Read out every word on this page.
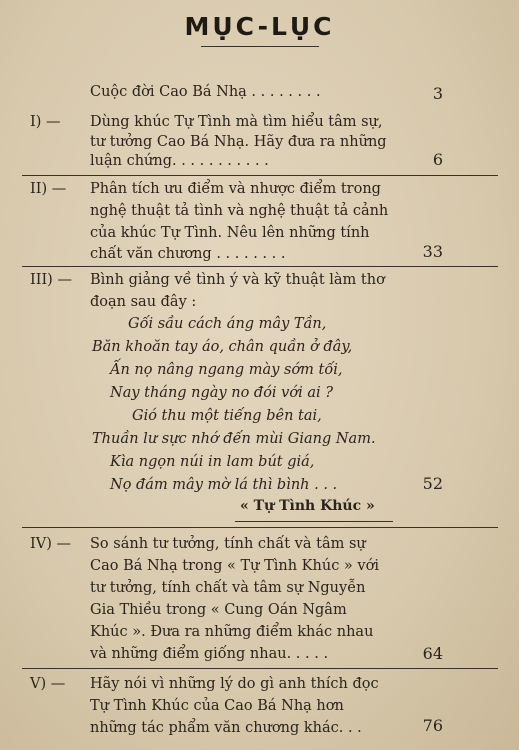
MỤC-LỤC
Cuộc đời Cao Bá Nhạ . . . . . . . .	3
I) — Dùng khúc Tự Tình mà tìm hiểu tâm sự,
tư tưởng Cao Bá Nhạ. Hãy đưa ra những
luận chứng. . . . . . . . . . .	6
II) — Phân tích ưu điểm và nhược điểm trong
nghệ thuật tả tình và nghệ thuật tả cảnh
của khúc Tự Tình. Nêu lên những tính
chất văn chương . . . . . . . .	33
III) — Bình giảng về tình ý và kỹ thuật làm thơ
đoạn sau đây :
Gối sầu cách áng mây Tần,
Băn khoăn tay áo, chân quần ở đây,
Ấn nọ nâng ngang mày sớm tối,
Nay tháng ngày no đói với ai ?
Gió thu một tiếng bên tai,
Thuần lư sực nhớ đến mùi Giang Nam.
Kìa ngọn núi in lam bút giá,
Nọ đám mây mờ lá thì bình . . .	52
« Tự Tình Khúc »
IV) — So sánh tư tưởng, tính chất và tâm sự
Cao Bá Nhạ trong « Tự Tình Khúc » với
tư tưởng, tính chất và tâm sự Nguyễn
Gia Thiều trong « Cung Oán Ngâm
Khúc ». Đưa ra những điểm khác nhau
và những điểm giống nhau. . . . .	64
V) — Hãy nói vì những lý do gì anh thích đọc
Tự Tình Khúc của Cao Bá Nhạ hơn
những tác phẩm văn chương khác. . .	76
